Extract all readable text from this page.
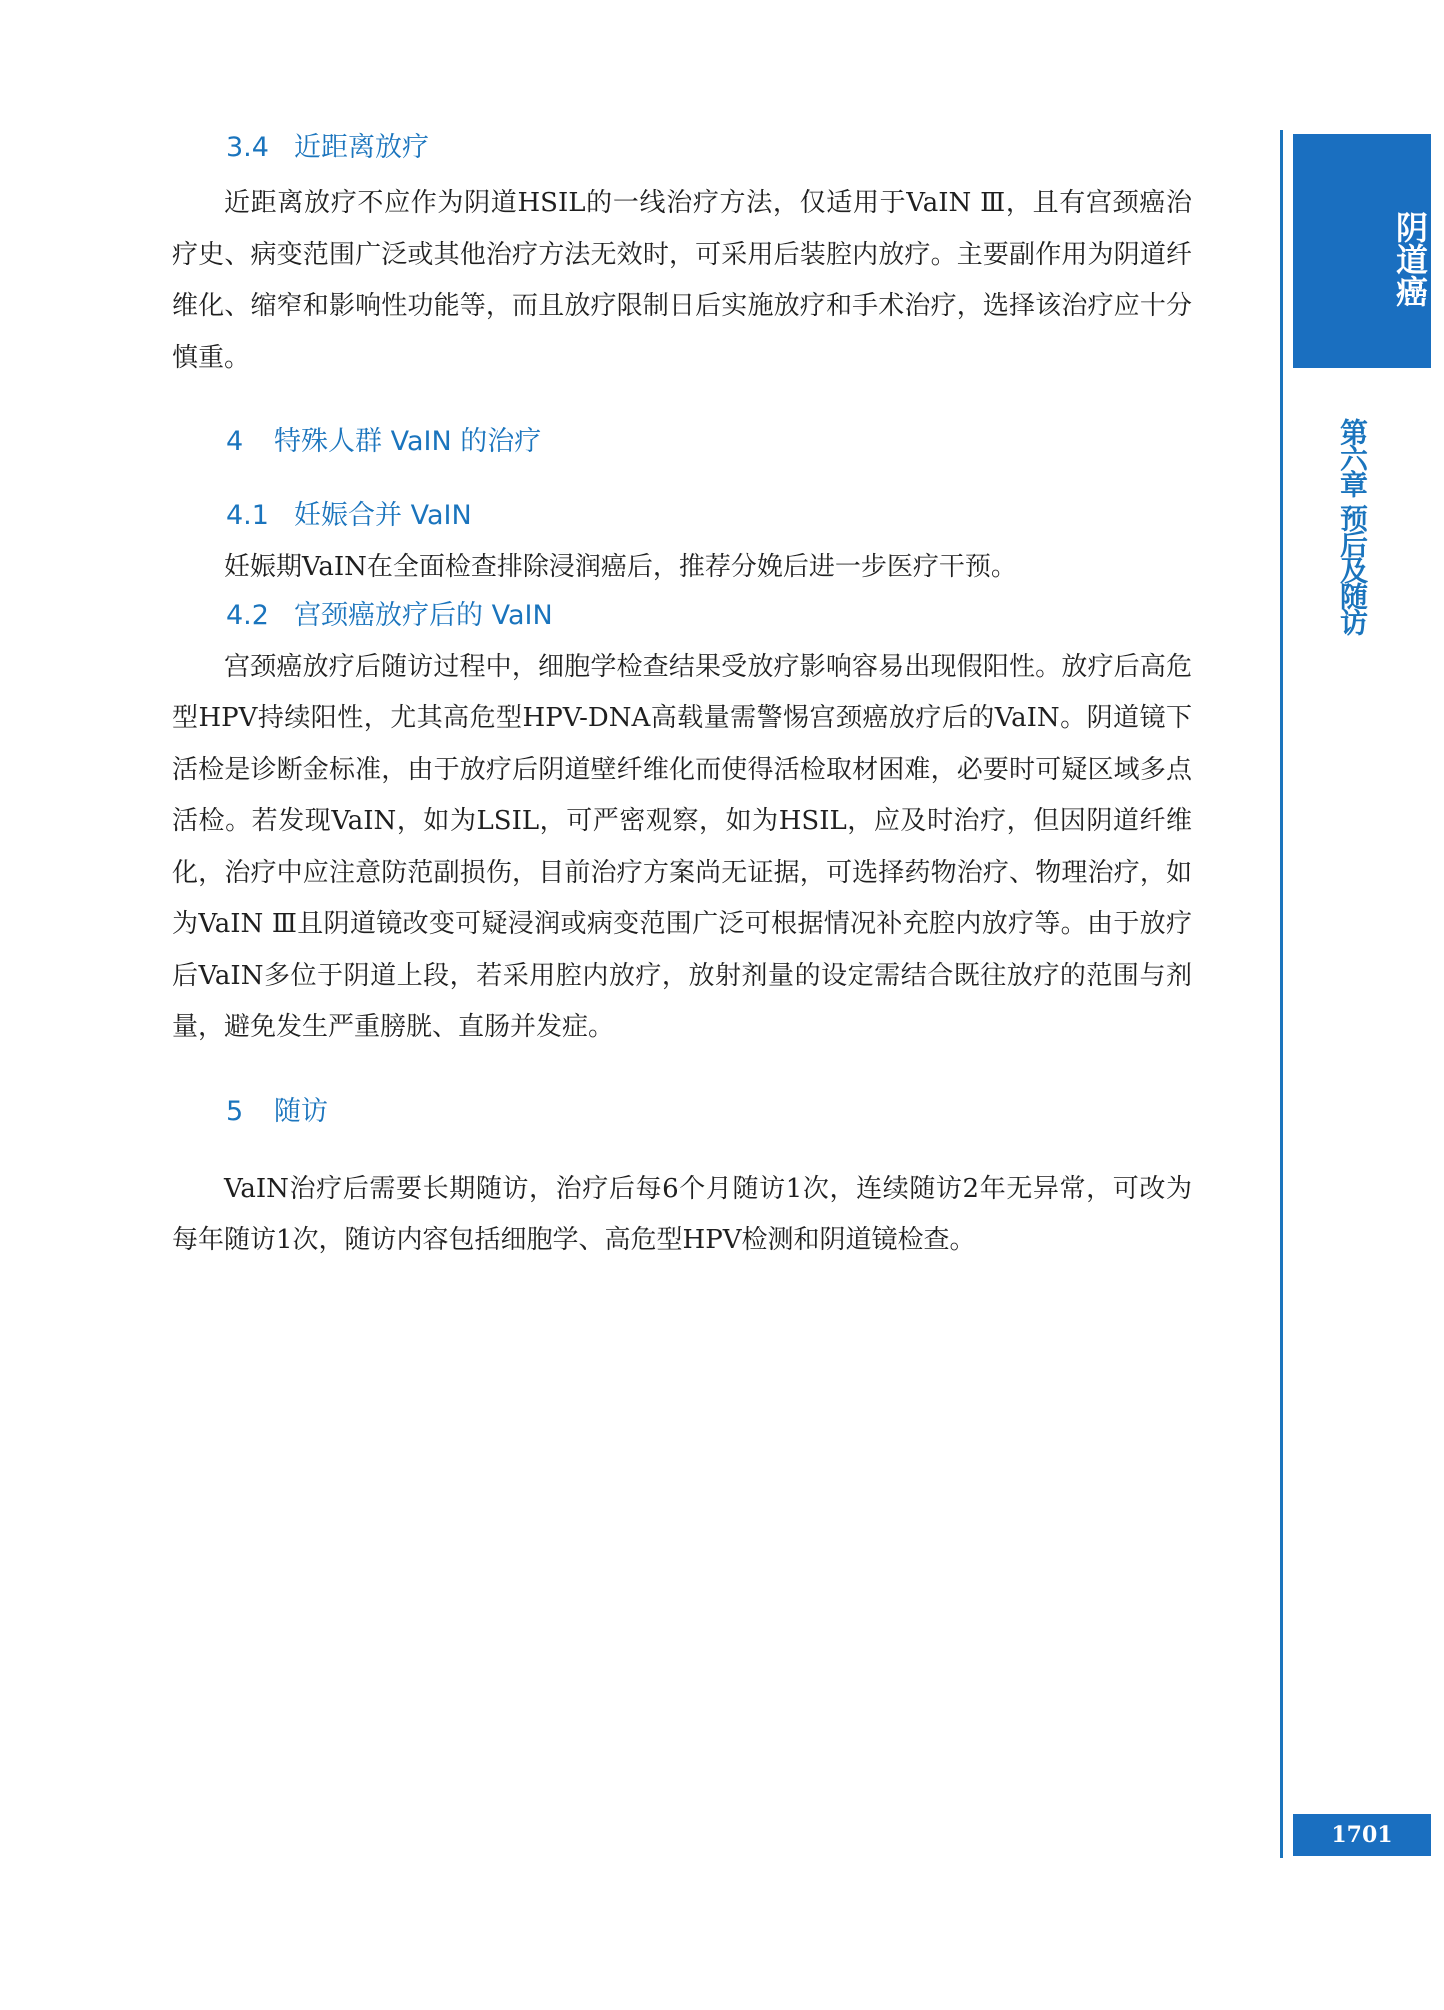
3.4 近距离放疗

近距离放疗不应作为阴道HSIL的一线治疗方法，仅适用于VaIN Ⅲ，且有宫颈癌治疗史、病变范围广泛或其他治疗方法无效时，可采用后装腔内放疗。主要副作用为阴道纤维化、缩窄和影响性功能等，而且放疗限制日后实施放疗和手术治疗，选择该治疗应十分慎重。

4 特殊人群 VaIN 的治疗
4.1 妊娠合并 VaIN

妊娠期VaIN在全面检查排除浸润癌后，推荐分娩后进一步医疗干预。

4.2 宫颈癌放疗后的 VaIN

宫颈癌放疗后随访过程中，细胞学检查结果受放疗影响容易出现假阳性。放疗后高危型HPV持续阳性，尤其高危型HPV-DNA高载量需警惕宫颈癌放疗后的VaIN。阴道镜下活检是诊断金标准，由于放疗后阴道壁纤维化而使得活检取材困难，必要时可疑区域多点活检。若发现VaIN，如为LSIL，可严密观察，如为HSIL，应及时治疗，但因阴道纤维化，治疗中应注意防范副损伤，目前治疗方案尚无证据，可选择药物治疗、物理治疗，如为VaIN Ⅲ且阴道镜改变可疑浸润或病变范围广泛可根据情况补充腔内放疗等。由于放疗后VaIN多位于阴道上段，若采用腔内放疗，放射剂量的设定需结合既往放疗的范围与剂量，避免发生严重膀胱、直肠并发症。

5 随访

VaIN治疗后需要长期随访，治疗后每6个月随访1次，连续随访2年无异常，可改为每年随访1次，随访内容包括细胞学、高危型HPV检测和阴道镜检查。

阴道癌
第六章 预后及随访
1701
